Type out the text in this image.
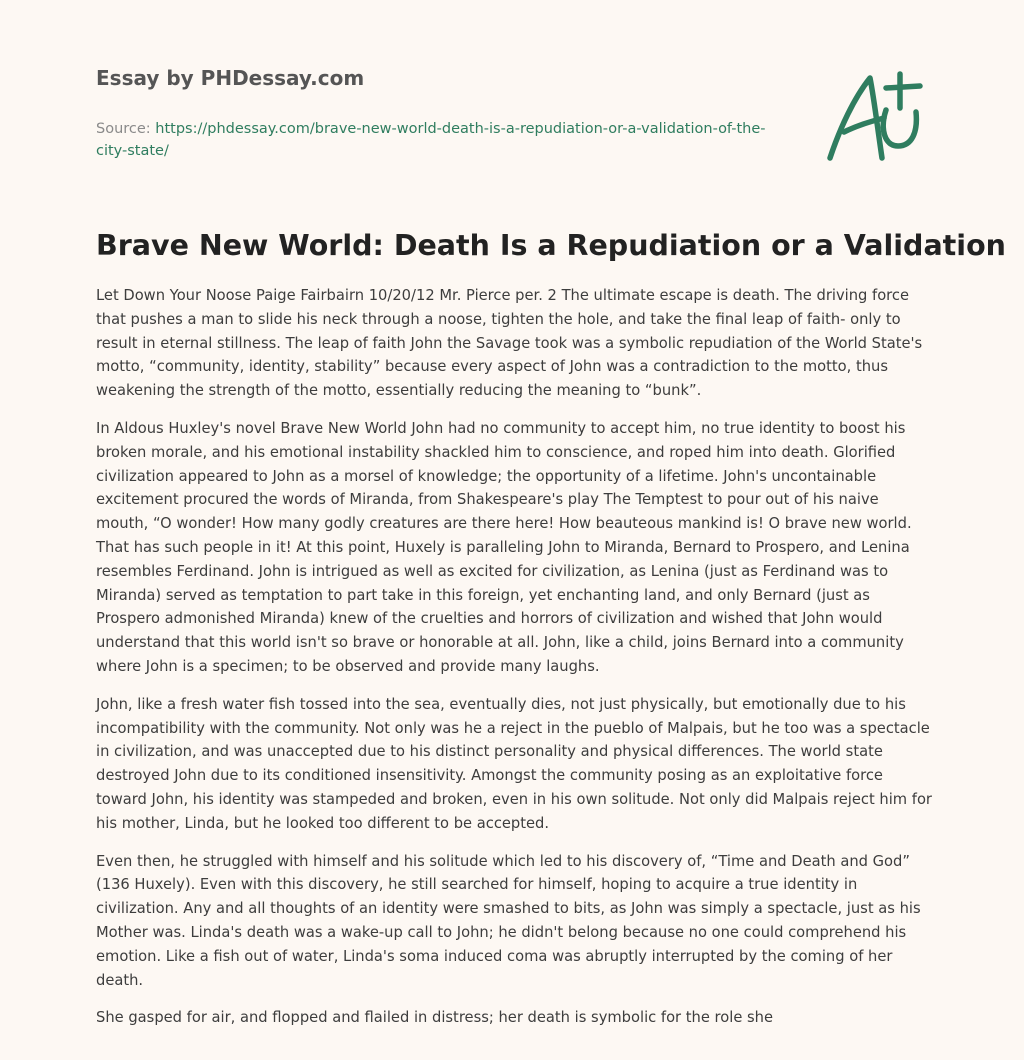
Essay by PHDessay.com
Source: https://phdessay.com/brave-new-world-death-is-a-repudiation-or-a-validation-of-the-city-state/
Brave New World: Death Is a Repudiation or a Validation

Let Down Your Noose Paige Fairbairn 10/20/12 Mr. Pierce per. 2 The ultimate escape is death. The driving force that pushes a man to slide his neck through a noose, tighten the hole, and take the final leap of faith- only to result in eternal stillness. The leap of faith John the Savage took was a symbolic repudiation of the World State's motto, “community, identity, stability” because every aspect of John was a contradiction to the motto, thus weakening the strength of the motto, essentially reducing the meaning to “bunk”.

In Aldous Huxley's novel Brave New World John had no community to accept him, no true identity to boost his broken morale, and his emotional instability shackled him to conscience, and roped him into death. Glorified civilization appeared to John as a morsel of knowledge; the opportunity of a lifetime. John's uncontainable excitement procured the words of Miranda, from Shakespeare's play The Temptest to pour out of his naive mouth, “O wonder! How many godly creatures are there here! How beauteous mankind is! O brave new world. That has such people in it! At this point, Huxely is paralleling John to Miranda, Bernard to Prospero, and Lenina resembles Ferdinand. John is intrigued as well as excited for civilization, as Lenina (just as Ferdinand was to Miranda) served as temptation to part take in this foreign, yet enchanting land, and only Bernard (just as Prospero admonished Miranda) knew of the cruelties and horrors of civilization and wished that John would understand that this world isn't so brave or honorable at all. John, like a child, joins Bernard into a community where John is a specimen; to be observed and provide many laughs.

John, like a fresh water fish tossed into the sea, eventually dies, not just physically, but emotionally due to his incompatibility with the community. Not only was he a reject in the pueblo of Malpais, but he too was a spectacle in civilization, and was unaccepted due to his distinct personality and physical differences. The world state destroyed John due to its conditioned insensitivity. Amongst the community posing as an exploitative force toward John, his identity was stampeded and broken, even in his own solitude. Not only did Malpais reject him for his mother, Linda, but he looked too different to be accepted.

Even then, he struggled with himself and his solitude which led to his discovery of, “Time and Death and God” (136 Huxely). Even with this discovery, he still searched for himself, hoping to acquire a true identity in civilization. Any and all thoughts of an identity were smashed to bits, as John was simply a spectacle, just as his Mother was. Linda's death was a wake-up call to John; he didn't belong because no one could comprehend his emotion. Like a fish out of water, Linda's soma induced coma was abruptly interrupted by the coming of her death.

She gasped for air, and flopped and flailed in distress; her death is symbolic for the role she
